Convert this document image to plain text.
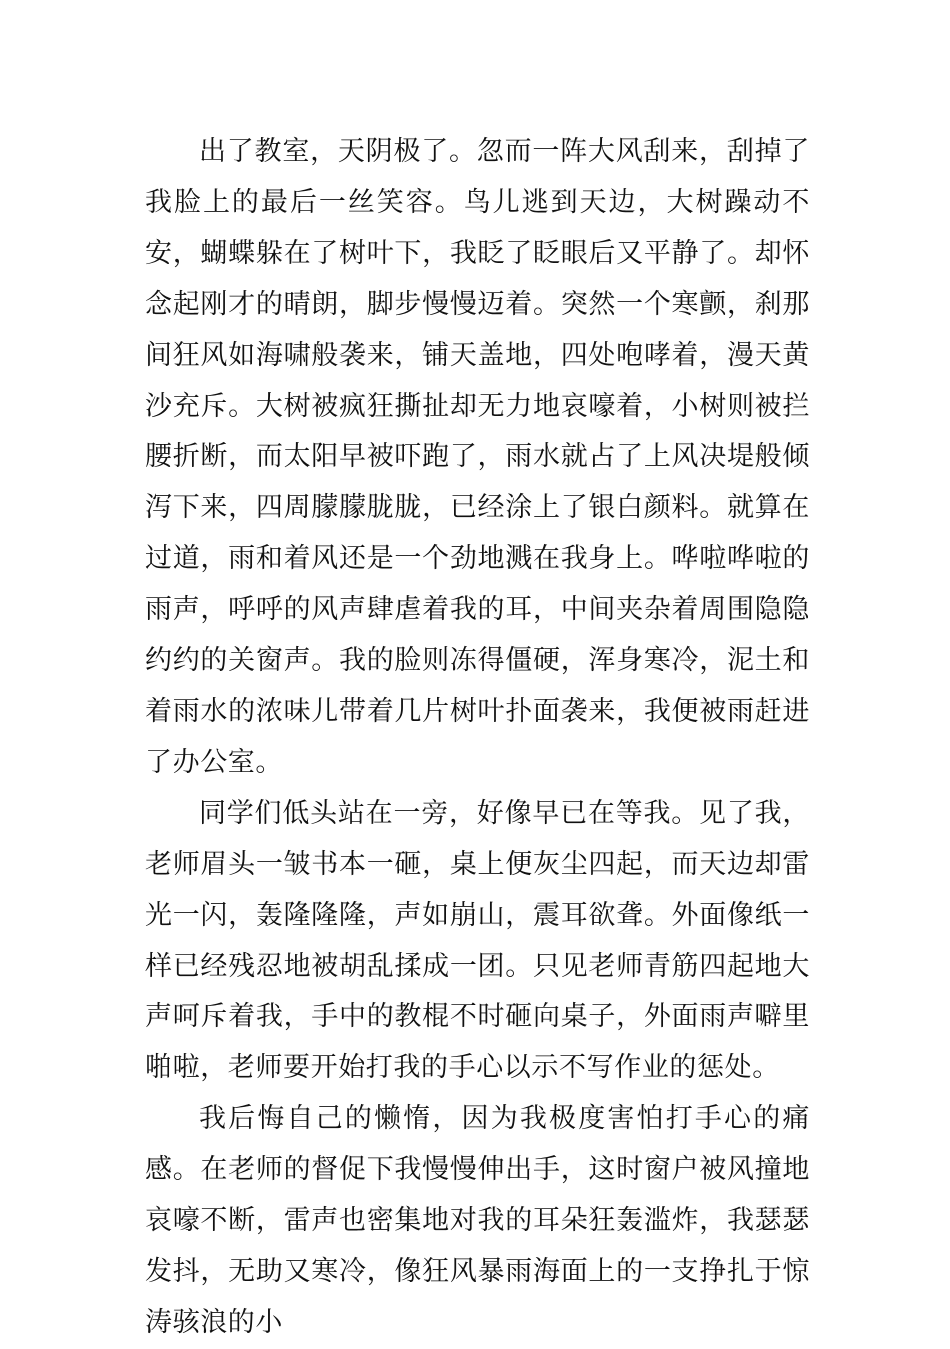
出了教室，天阴极了。忽而一阵大风刮来，刮掉了我脸上的最后一丝笑容。鸟儿逃到天边，大树躁动不安，蝴蝶躲在了树叶下，我眨了眨眼后又平静了。却怀念起刚才的晴朗，脚步慢慢迈着。突然一个寒颤，刹那间狂风如海啸般袭来，铺天盖地，四处咆哮着，漫天黄沙充斥。大树被疯狂撕扯却无力地哀嚎着，小树则被拦腰折断，而太阳早被吓跑了，雨水就占了上风决堤般倾泻下来，四周朦朦胧胧，已经涂上了银白颜料。就算在过道，雨和着风还是一个劲地溅在我身上。哗啦哗啦的雨声，呼呼的风声肆虐着我的耳，中间夹杂着周围隐隐约约的关窗声。我的脸则冻得僵硬，浑身寒冷，泥土和着雨水的浓味儿带着几片树叶扑面袭来，我便被雨赶进了办公室。

同学们低头站在一旁，好像早已在等我。见了我，老师眉头一皱书本一砸，桌上便灰尘四起，而天边却雷光一闪，轰隆隆隆，声如崩山，震耳欲聋。外面像纸一样已经残忍地被胡乱揉成一团。只见老师青筋四起地大声呵斥着我，手中的教棍不时砸向桌子，外面雨声噼里啪啦，老师要开始打我的手心以示不写作业的惩处。

我后悔自己的懒惰，因为我极度害怕打手心的痛感。在老师的督促下我慢慢伸出手，这时窗户被风撞地哀嚎不断，雷声也密集地对我的耳朵狂轰滥炸，我瑟瑟发抖，无助又寒冷，像狂风暴雨海面上的一支挣扎于惊涛骇浪的小
